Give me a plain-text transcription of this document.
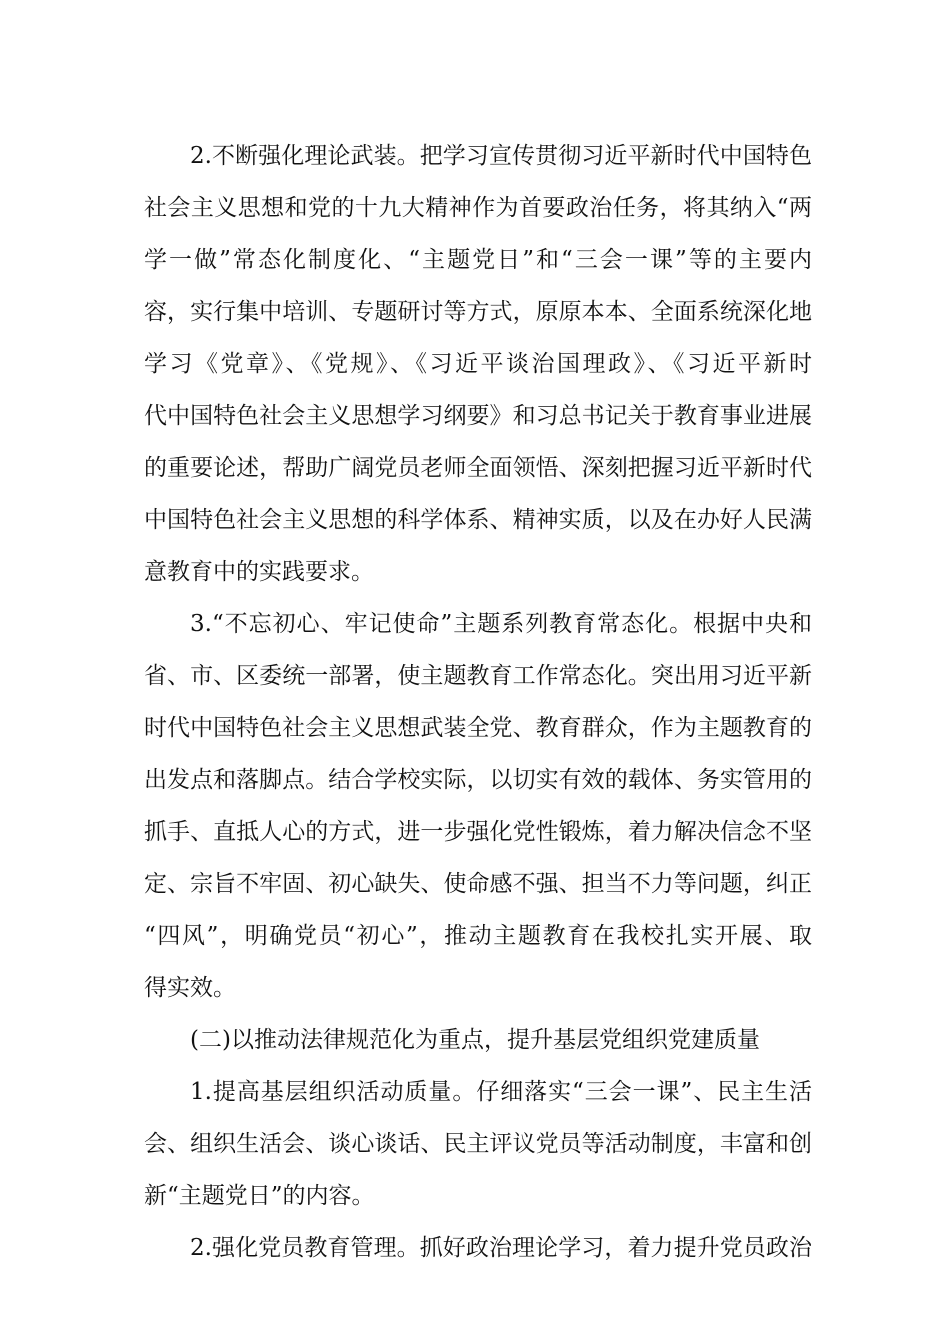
2.不断强化理论武装。把学习宣传贯彻习近平新时代中国特色

社会主义思想和党的十九大精神作为首要政治任务，将其纳入“两

学一做”常态化制度化、“主题党日”和“三会一课”等的主要内

容，实行集中培训、专题研讨等方式，原原本本、全面系统深化地

学习《党章》、《党规》、《习近平谈治国理政》、《习近平新时

代中国特色社会主义思想学习纲要》和习总书记关于教育事业进展

的重要论述，帮助广阔党员老师全面领悟、深刻把握习近平新时代

中国特色社会主义思想的科学体系、精神实质，以及在办好人民满

意教育中的实践要求。

3.“不忘初心、牢记使命”主题系列教育常态化。根据中央和

省、市、区委统一部署，使主题教育工作常态化。突出用习近平新

时代中国特色社会主义思想武装全党、教育群众，作为主题教育的

出发点和落脚点。结合学校实际，以切实有效的载体、务实管用的

抓手、直抵人心的方式，进一步强化党性锻炼，着力解决信念不坚

定、宗旨不牢固、初心缺失、使命感不强、担当不力等问题，纠正

“四风”，明确党员“初心”，推动主题教育在我校扎实开展、取

得实效。

(二)以推动法律规范化为重点，提升基层党组织党建质量

1.提高基层组织活动质量。仔细落实“三会一课”、民主生活

会、组织生活会、谈心谈话、民主评议党员等活动制度，丰富和创

新“主题党日”的内容。

2.强化党员教育管理。抓好政治理论学习，着力提升党员政治
